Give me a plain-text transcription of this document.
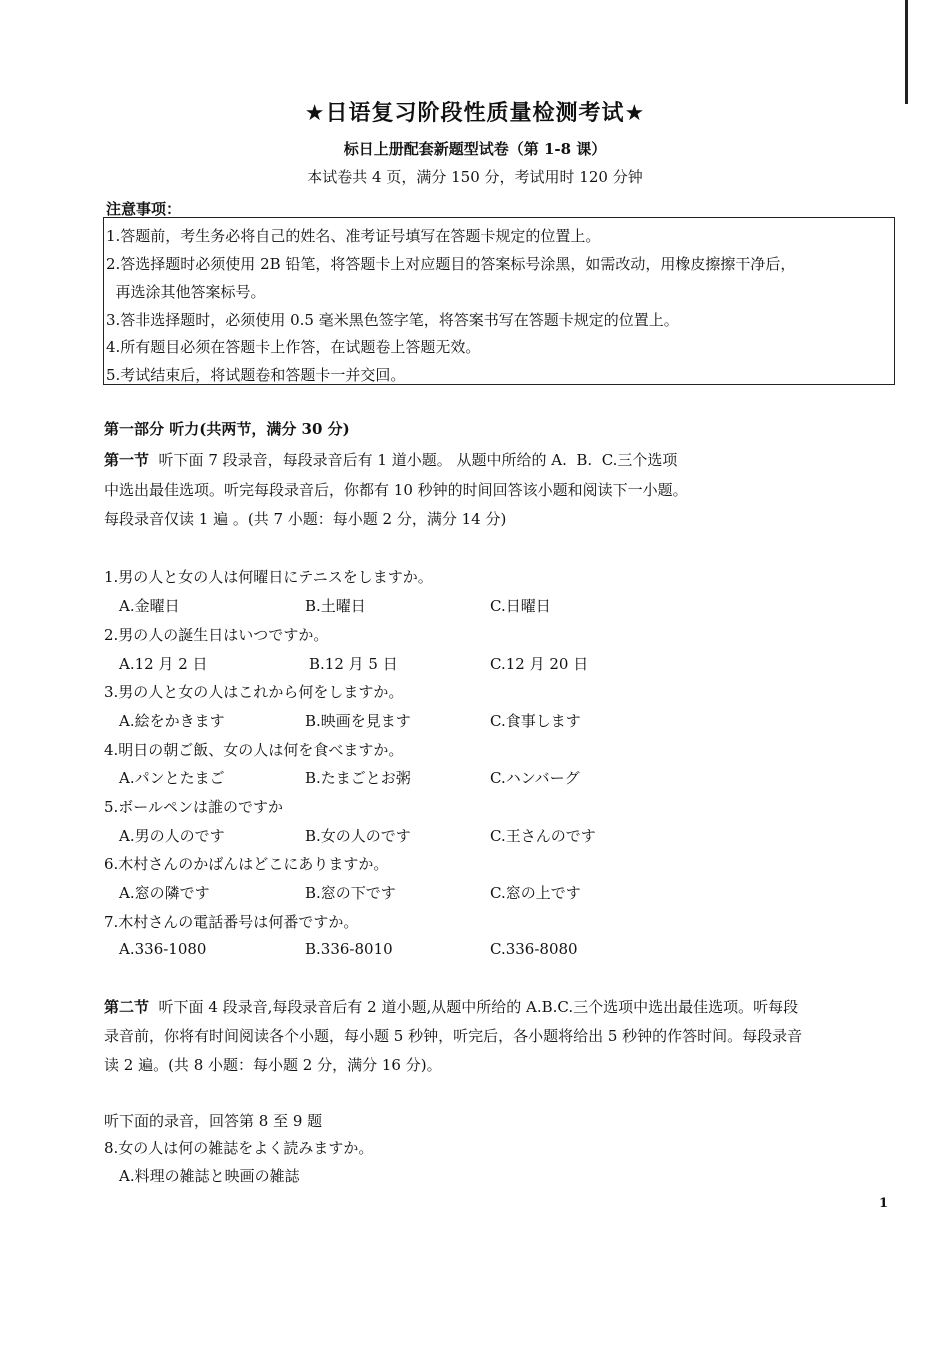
★日语复习阶段性质量检测考试★
标日上册配套新题型试卷（第 1-8 课）
本试卷共 4 页，满分 150 分，考试用时 120 分钟
注意事项：
1.答题前，考生务必将自己的姓名、准考证号填写在答题卡规定的位置上。
2.答选择题时必须使用 2B 铅笔，将答题卡上对应题目的答案标号涂黑，如需改动，用橡皮擦擦干净后，
再选涂其他答案标号。
3.答非选择题时，必须使用 0.5 毫米黑色签字笔，将答案书写在答题卡规定的位置上。
4.所有题目必须在答题卡上作答，在试题卷上答题无效。
5.考试结束后，将试题卷和答题卡一并交回。
第一部分 听力(共两节，满分 30 分)
第一节  听下面 7 段录音，每段录音后有 1 道小题。 从题中所给的 A.  B.  C.三个选项
中选出最佳选项。听完每段录音后，你都有 10 秒钟的时间回答该小题和阅读下一小题。
每段录音仅读 1 遍 。(共 7 小题：每小题 2 分，满分 14 分)
1.男の人と女の人は何曜日にテニスをしますか。
A.金曜日	B.土曜日	C.日曜日
2.男の人の誕生日はいつですか。
A.12 月 2 日	B.12 月 5 日	C.12 月 20 日
3.男の人と女の人はこれから何をしますか。
A.絵をかきます	B.映画を見ます	C.食事します
4.明日の朝ご飯、女の人は何を食べますか。
A.パンとたまご	B.たまごとお粥	C.ハンバーグ
5.ボールペンは誰のですか
A.男の人のです	B.女の人のです	C.王さんのです
6.木村さんのかばんはどこにありますか。
A.窓の隣です	B.窓の下です	C.窓の上です
7.木村さんの電話番号は何番ですか。
A.336-1080	B.336-8010	C.336-8080
第二节  听下面 4 段录音,每段录音后有 2 道小题,从题中所给的 A.B.C.三个选项中选出最佳选项。听每段
录音前，你将有时间阅读各个小题，每小题 5 秒钟，听完后，各小题将给出 5 秒钟的作答时间。每段录音
读 2 遍。(共 8 小题：每小题 2 分，满分 16 分)。
听下面的录音，回答第 8 至 9 题
8.女の人は何の雑誌をよく読みますか。
A.料理の雑誌と映画の雑誌
1
